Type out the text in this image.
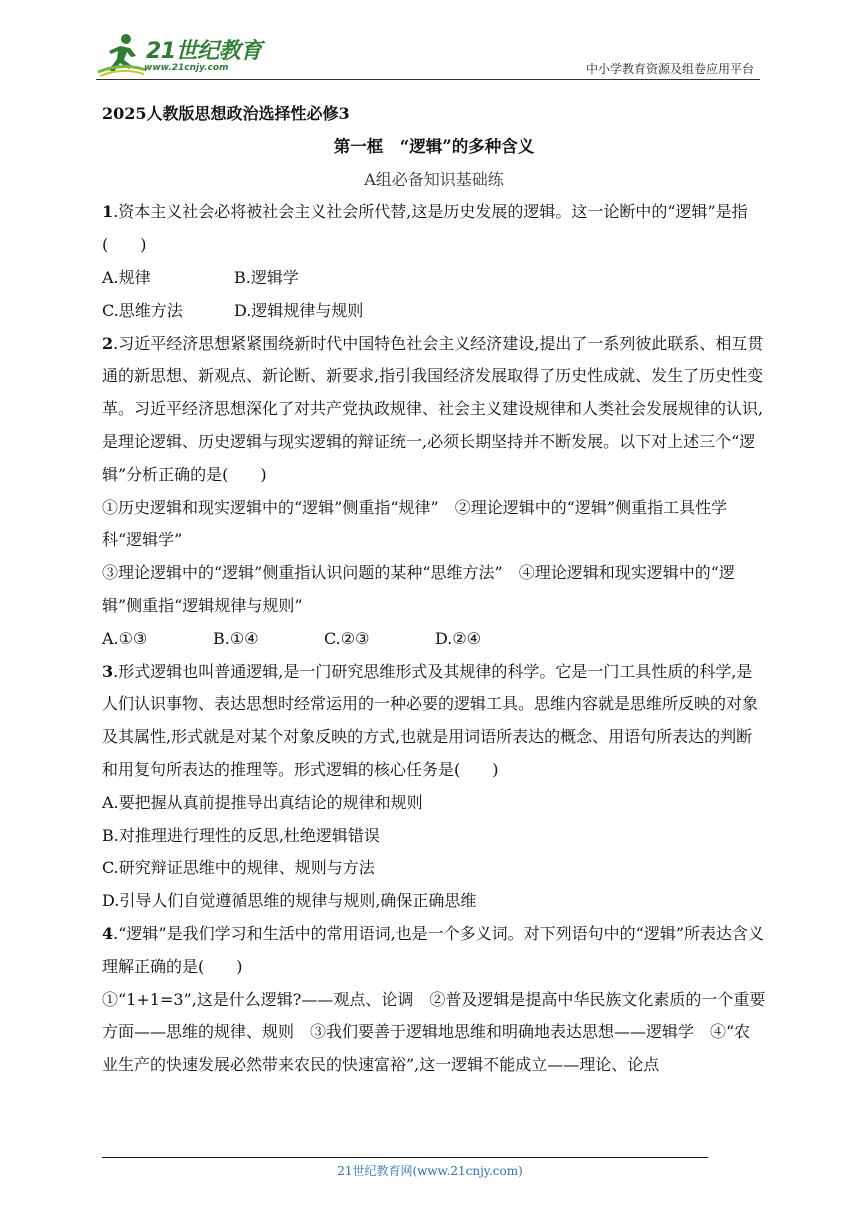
21世纪教育
www.21cnjy.com	中小学教育资源及组卷应用平台

2025人教版思想政治选择性必修3

第一框　“逻辑”的多种含义

A组必备知识基础练

1.资本主义社会必将被社会主义社会所代替,这是历史发展的逻辑。这一论断中的“逻辑”是指(　　)

A.规律	B.逻辑学

C.思维方法	D.逻辑规律与规则

2.习近平经济思想紧紧围绕新时代中国特色社会主义经济建设,提出了一系列彼此联系、相互贯通的新思想、新观点、新论断、新要求,指引我国经济发展取得了历史性成就、发生了历史性变革。习近平经济思想深化了对共产党执政规律、社会主义建设规律和人类社会发展规律的认识,是理论逻辑、历史逻辑与现实逻辑的辩证统一,必须长期坚持并不断发展。以下对上述三个“逻辑”分析正确的是(　　)

①历史逻辑和现实逻辑中的“逻辑”侧重指“规律”　②理论逻辑中的“逻辑”侧重指工具性学科“逻辑学”

③理论逻辑中的“逻辑”侧重指认识问题的某种“思维方法”　④理论逻辑和现实逻辑中的“逻辑”侧重指“逻辑规律与规则”

A.①③	B.①④	C.②③	D.②④

3.形式逻辑也叫普通逻辑,是一门研究思维形式及其规律的科学。它是一门工具性质的科学,是人们认识事物、表达思想时经常运用的一种必要的逻辑工具。思维内容就是思维所反映的对象及其属性,形式就是对某个对象反映的方式,也就是用词语所表达的概念、用语句所表达的判断和用复句所表达的推理等。形式逻辑的核心任务是(　　)

A.要把握从真前提推导出真结论的规律和规则

B.对推理进行理性的反思,杜绝逻辑错误

C.研究辩证思维中的规律、规则与方法

D.引导人们自觉遵循思维的规律与规则,确保正确思维

4.“逻辑”是我们学习和生活中的常用语词,也是一个多义词。对下列语句中的“逻辑”所表达含义理解正确的是(　　)

①“1+1=3”,这是什么逻辑?——观点、论调　②普及逻辑是提高中华民族文化素质的一个重要方面——思维的规律、规则　③我们要善于逻辑地思维和明确地表达思想——逻辑学　④“农业生产的快速发展必然带来农民的快速富裕”,这一逻辑不能成立——理论、论点

21世纪教育网(www.21cnjy.com)
